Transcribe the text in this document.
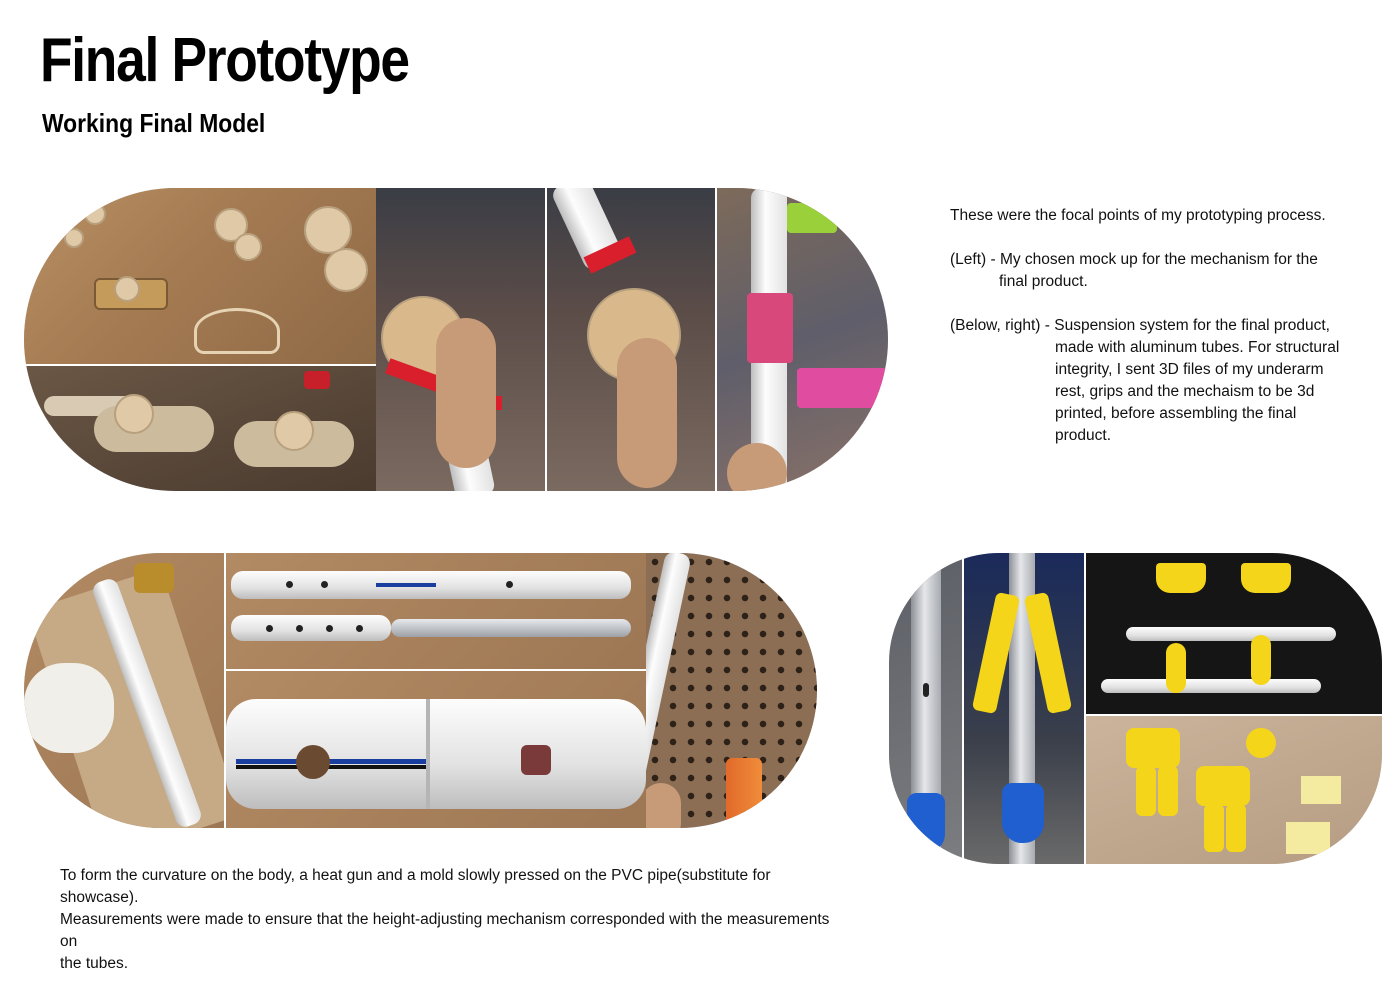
Final Prototype
Working Final Model

These were the focal points of my prototyping process.

(Left) - My chosen mock up for the mechanism for the
final product.

(Below, right) - Suspension system for the final product,
made with aluminum tubes. For structural
integrity, I sent 3D files of my underarm
rest, grips and the mechaism to be 3d
printed, before assembling the final
product.

To form the curvature on the body, a heat gun and a mold slowly pressed on the PVC pipe(substitute for showcase).
Measurements were made to ensure that the height-adjusting mechanism corresponded with the measurements on
the tubes.
